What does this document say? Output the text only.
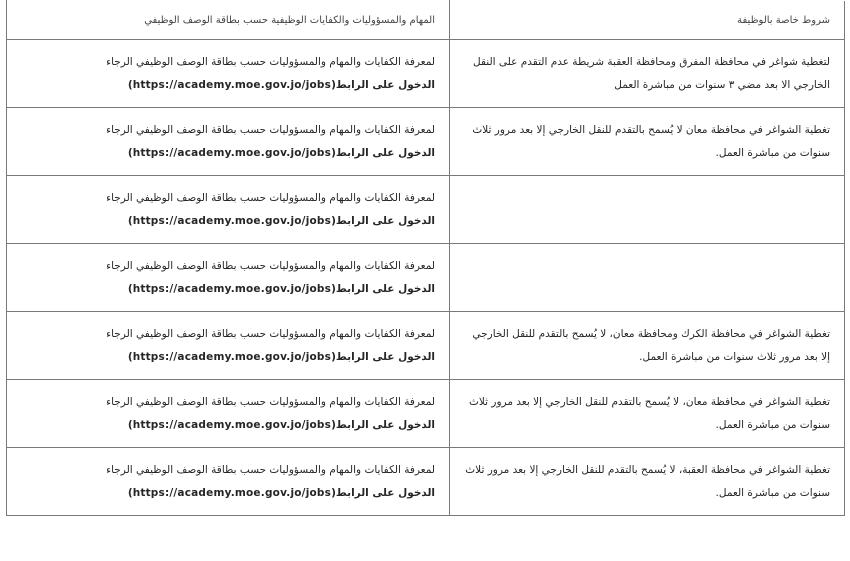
شروط خاصة بالوظيفة	المهام والمسؤوليات والكفايات الوظيفية حسب بطاقة الوصف الوظيفي

لتغطية شواغر في محافظة المفرق ومحافظة العقبة شريطة عدم التقدم على النقل الخارجي الا بعد مضي ٣ سنوات من مباشرة العمل	لمعرفة الكفايات والمهام والمسؤوليات حسب بطاقة الوصف الوظيفي الرجاء
الدخول على الرابط(https://academy.moe.gov.jo/jobs)

تغطية الشواغر في محافظة معان لا يُسمح بالتقدم للنقل الخارجي إلا بعد مرور ثلاث سنوات من مباشرة العمل.	لمعرفة الكفايات والمهام والمسؤوليات حسب بطاقة الوصف الوظيفي الرجاء
الدخول على الرابط(https://academy.moe.gov.jo/jobs)

	لمعرفة الكفايات والمهام والمسؤوليات حسب بطاقة الوصف الوظيفي الرجاء
الدخول على الرابط(https://academy.moe.gov.jo/jobs)

	لمعرفة الكفايات والمهام والمسؤوليات حسب بطاقة الوصف الوظيفي الرجاء
الدخول على الرابط(https://academy.moe.gov.jo/jobs)

تغطية الشواغر في محافظة الكرك ومحافظة معان، لا يُسمح بالتقدم للنقل الخارجي إلا بعد مرور ثلاث سنوات من مباشرة العمل.	لمعرفة الكفايات والمهام والمسؤوليات حسب بطاقة الوصف الوظيفي الرجاء
الدخول على الرابط(https://academy.moe.gov.jo/jobs)

تغطية الشواغر في محافظة معان، لا يُسمح بالتقدم للنقل الخارجي إلا بعد مرور ثلاث سنوات من مباشرة العمل.	لمعرفة الكفايات والمهام والمسؤوليات حسب بطاقة الوصف الوظيفي الرجاء
الدخول على الرابط(https://academy.moe.gov.jo/jobs)

تغطية الشواغر في محافظة العقبة، لا يُسمح بالتقدم للنقل الخارجي إلا بعد مرور ثلاث سنوات من مباشرة العمل.	لمعرفة الكفايات والمهام والمسؤوليات حسب بطاقة الوصف الوظيفي الرجاء
الدخول على الرابط(https://academy.moe.gov.jo/jobs)
